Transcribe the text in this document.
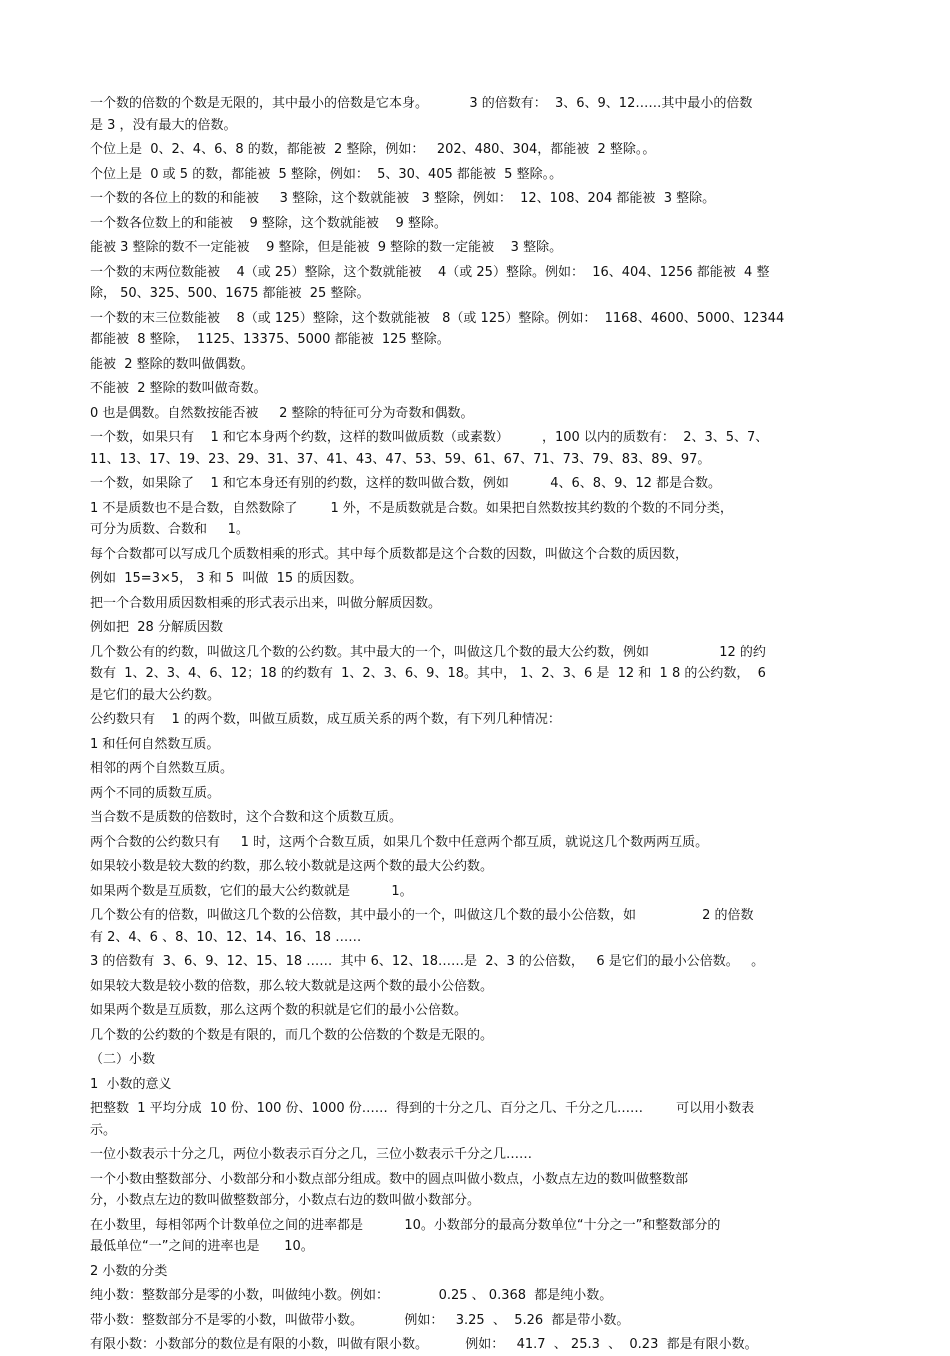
一个数的倍数的个数是无限的，其中最小的倍数是它本身。          3 的倍数有：  3、6、9、12……其中最小的倍数
是 3 ，没有最大的倍数。
个位上是  0、2、4、6、8 的数，都能被  2 整除，例如：   202、480、304，都能被  2 整除。。
个位上是  0 或 5 的数，都能被  5 整除，例如：  5、30、405 都能被  5 整除。。
一个数的各位上的数的和能被     3 整除，这个数就能被   3 整除，例如：  12、108、204 都能被  3 整除。
一个数各位数上的和能被    9 整除，这个数就能被    9 整除。
能被 3 整除的数不一定能被    9 整除，但是能被  9 整除的数一定能被    3 整除。
一个数的末两位数能被    4（或 25）整除，这个数就能被    4（或 25）整除。例如：  16、404、1256 都能被  4 整
除， 50、325、500、1675 都能被  25 整除。
一个数的末三位数能被    8（或 125）整除，这个数就能被   8（或 125）整除。例如：  1168、4600、5000、12344
都能被  8 整除，  1125、13375、5000 都能被  125 整除。
能被  2 整除的数叫做偶数。
不能被  2 整除的数叫做奇数。
0 也是偶数。自然数按能否被     2 整除的特征可分为奇数和偶数。
一个数，如果只有    1 和它本身两个约数，这样的数叫做质数（或素数）        ，100 以内的质数有：  2、3、5、7、
11、13、17、19、23、29、31、37、41、43、47、53、59、61、67、71、73、79、83、89、97。
一个数，如果除了    1 和它本身还有别的约数，这样的数叫做合数，例如          4、6、8、9、12 都是合数。
1 不是质数也不是合数，自然数除了        1 外，不是质数就是合数。如果把自然数按其约数的个数的不同分类，
可分为质数、合数和     1。
每个合数都可以写成几个质数相乘的形式。其中每个质数都是这个合数的因数，叫做这个合数的质因数，
例如  15=3×5， 3 和 5  叫做  15 的质因数。
把一个合数用质因数相乘的形式表示出来，叫做分解质因数。
例如把  28 分解质因数
几个数公有的约数，叫做这几个数的公约数。其中最大的一个，叫做这几个数的最大公约数，例如                 12 的约
数有  1、2、3、4、6、12；18 的约数有  1、2、3、6、9、18。其中， 1、2、3、6 是  12 和  1 8 的公约数，  6
是它们的最大公约数。
公约数只有    1 的两个数，叫做互质数，成互质关系的两个数，有下列几种情况：
1 和任何自然数互质。
相邻的两个自然数互质。
两个不同的质数互质。
当合数不是质数的倍数时，这个合数和这个质数互质。
两个合数的公约数只有     1 时，这两个合数互质，如果几个数中任意两个都互质，就说这几个数两两互质。
如果较小数是较大数的约数，那么较小数就是这两个数的最大公约数。
如果两个数是互质数，它们的最大公约数就是          1。
几个数公有的倍数，叫做这几个数的公倍数，其中最小的一个，叫做这几个数的最小公倍数，如                2 的倍数
有 2、4、6 、8、10、12、14、16、18 ……
3 的倍数有  3、6、9、12、15、18 ……  其中 6、12、18……是  2、3 的公倍数，   6 是它们的最小公倍数。   。
如果较大数是较小数的倍数，那么较大数就是这两个数的最小公倍数。
如果两个数是互质数，那么这两个数的积就是它们的最小公倍数。
几个数的公约数的个数是有限的，而几个数的公倍数的个数是无限的。
（二）小数
1  小数的意义
把整数  1 平均分成  10 份、100 份、1000 份……  得到的十分之几、百分之几、千分之几……        可以用小数表
示。
一位小数表示十分之几，两位小数表示百分之几，三位小数表示千分之几……
一个小数由整数部分、小数部分和小数点部分组成。数中的圆点叫做小数点，小数点左边的数叫做整数部
分，小数点左边的数叫做整数部分，小数点右边的数叫做小数部分。
在小数里，每相邻两个计数单位之间的进率都是          10。小数部分的最高分数单位“十分之一”和整数部分的
最低单位“一”之间的进率也是      10。
2 小数的分类
纯小数：整数部分是零的小数，叫做纯小数。例如：            0.25 、 0.368  都是纯小数。
带小数：整数部分不是零的小数，叫做带小数。          例如：   3.25  、  5.26  都是带小数。
有限小数：小数部分的数位是有限的小数，叫做有限小数。         例如：   41.7  、 25.3  、  0.23  都是有限小数。
